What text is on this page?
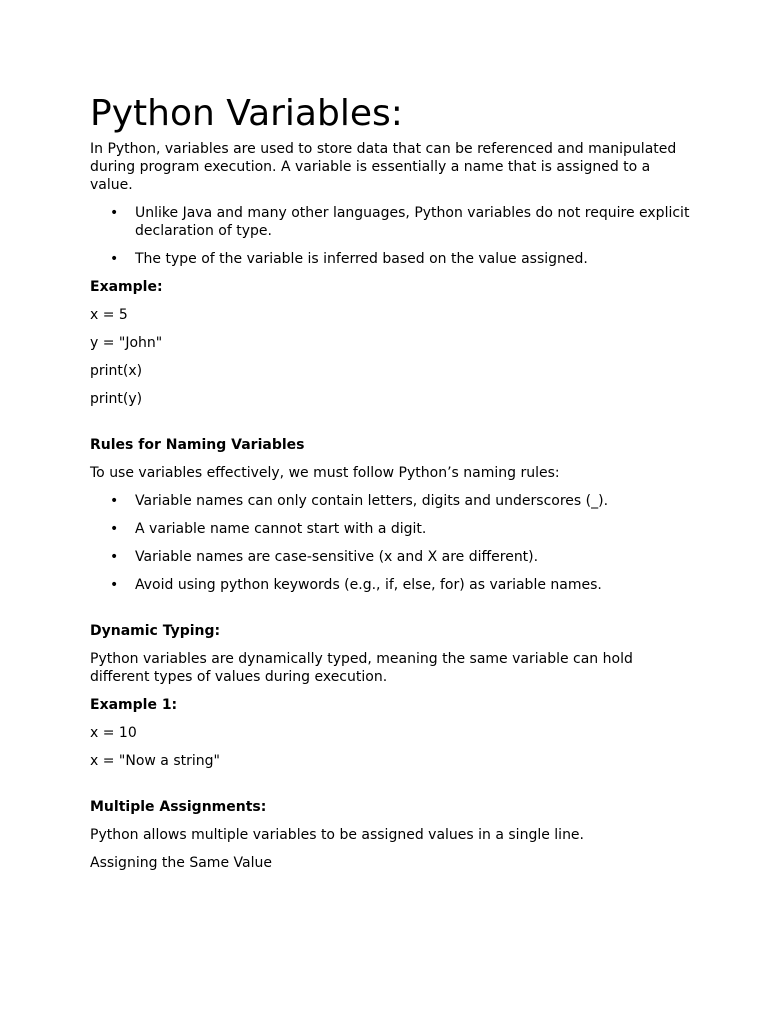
Python Variables:

In Python, variables are used to store data that can be referenced and manipulated during program execution. A variable is essentially a name that is assigned to a value.

• Unlike Java and many other languages, Python variables do not require explicit declaration of type.
• The type of the variable is inferred based on the value assigned.

Example:

x = 5

y = "John"

print(x)

print(y)

Rules for Naming Variables

To use variables effectively, we must follow Python’s naming rules:

• Variable names can only contain letters, digits and underscores (_).
• A variable name cannot start with a digit.
• Variable names are case-sensitive (x and X are different).
• Avoid using python keywords (e.g., if, else, for) as variable names.

Dynamic Typing:

Python variables are dynamically typed, meaning the same variable can hold different types of values during execution.

Example 1:

x = 10

x = "Now a string"

Multiple Assignments:

Python allows multiple variables to be assigned values in a single line.

Assigning the Same Value
